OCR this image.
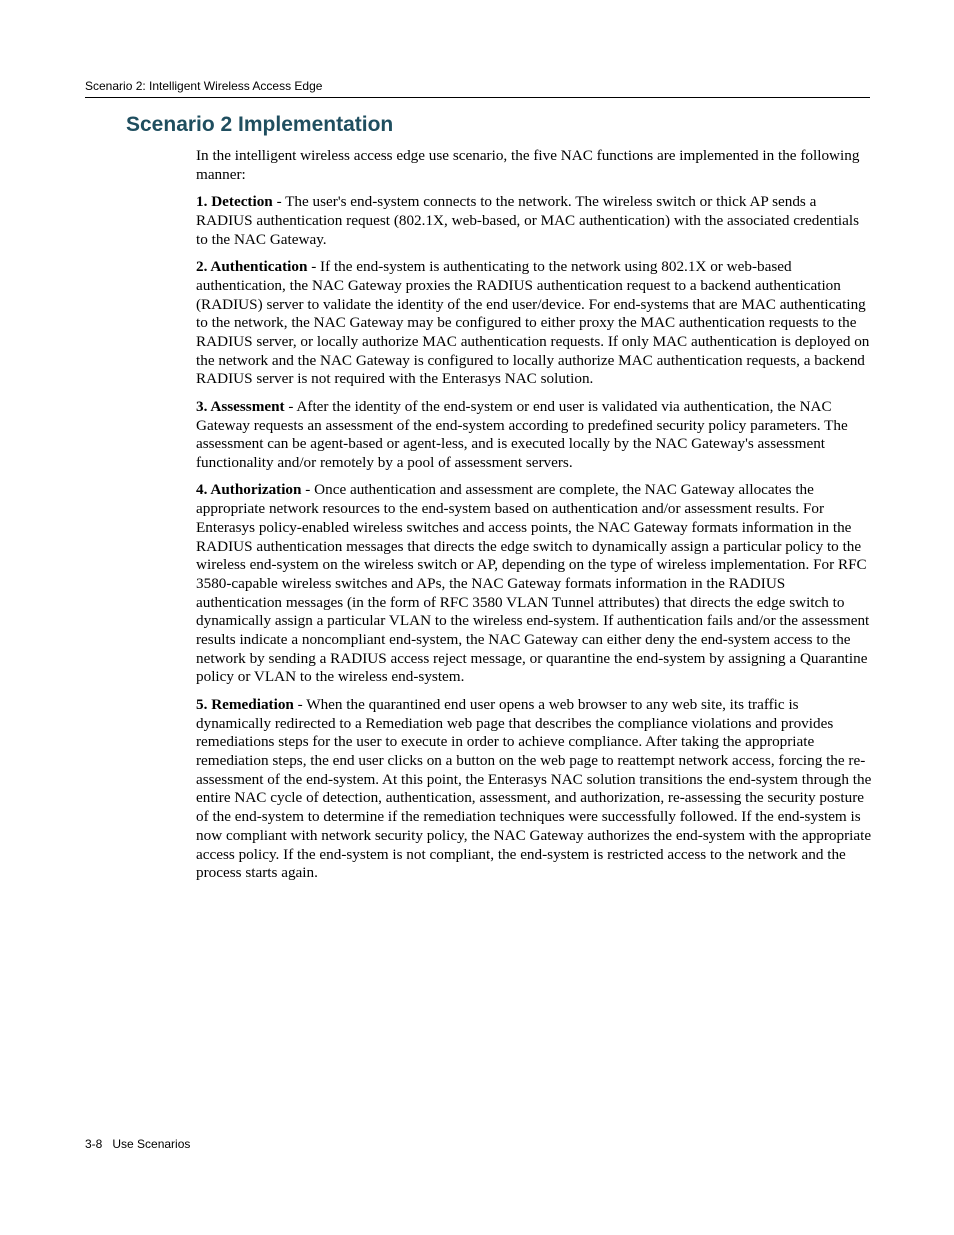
Scenario 2: Intelligent Wireless Access Edge
Scenario 2 Implementation

In the intelligent wireless access edge use scenario, the five NAC functions are implemented in the following manner:

1. Detection - The user's end-system connects to the network. The wireless switch or thick AP sends a RADIUS authentication request (802.1X, web-based, or MAC authentication) with the associated credentials to the NAC Gateway.

2. Authentication - If the end-system is authenticating to the network using 802.1X or web-based authentication, the NAC Gateway proxies the RADIUS authentication request to a backend authentication (RADIUS) server to validate the identity of the end user/device. For end-systems that are MAC authenticating to the network, the NAC Gateway may be configured to either proxy the MAC authentication requests to the RADIUS server, or locally authorize MAC authentication requests. If only MAC authentication is deployed on the network and the NAC Gateway is configured to locally authorize MAC authentication requests, a backend RADIUS server is not required with the Enterasys NAC solution.

3. Assessment - After the identity of the end-system or end user is validated via authentication, the NAC Gateway requests an assessment of the end-system according to predefined security policy parameters. The assessment can be agent-based or agent-less, and is executed locally by the NAC Gateway's assessment functionality and/or remotely by a pool of assessment servers.

4. Authorization - Once authentication and assessment are complete, the NAC Gateway allocates the appropriate network resources to the end-system based on authentication and/or assessment results. For Enterasys policy-enabled wireless switches and access points, the NAC Gateway formats information in the RADIUS authentication messages that directs the edge switch to dynamically assign a particular policy to the wireless end-system on the wireless switch or AP, depending on the type of wireless implementation. For RFC 3580-capable wireless switches and APs, the NAC Gateway formats information in the RADIUS authentication messages (in the form of RFC 3580 VLAN Tunnel attributes) that directs the edge switch to dynamically assign a particular VLAN to the wireless end-system. If authentication fails and/or the assessment results indicate a noncompliant end-system, the NAC Gateway can either deny the end-system access to the network by sending a RADIUS access reject message, or quarantine the end-system by assigning a Quarantine policy or VLAN to the wireless end-system.

5. Remediation - When the quarantined end user opens a web browser to any web site, its traffic is dynamically redirected to a Remediation web page that describes the compliance violations and provides remediations steps for the user to execute in order to achieve compliance. After taking the appropriate remediation steps, the end user clicks on a button on the web page to reattempt network access, forcing the re-assessment of the end-system. At this point, the Enterasys NAC solution transitions the end-system through the entire NAC cycle of detection, authentication, assessment, and authorization, re-assessing the security posture of the end-system to determine if the remediation techniques were successfully followed. If the end-system is now compliant with network security policy, the NAC Gateway authorizes the end-system with the appropriate access policy. If the end-system is not compliant, the end-system is restricted access to the network and the process starts again.

3-8 Use Scenarios
